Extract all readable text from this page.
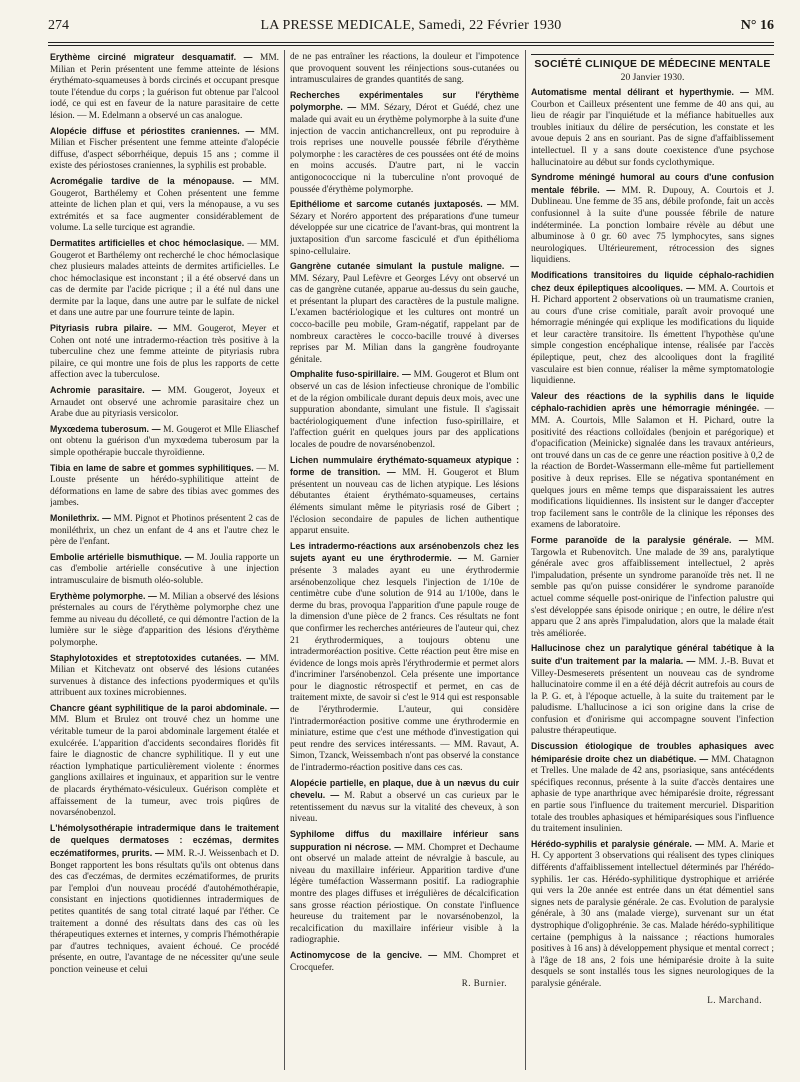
274	LA PRESSE MEDICALE, Samedi, 22 Février 1930	N° 16

Erythème circiné migrateur desquamatif. — MM. Milian et Perin présentent une femme atteinte de lésions érythémato-squameuses à bords circinés et occupant presque toute l'étendue du corps ; la guérison fut obtenue par l'alcool iodé, ce qui est en faveur de la nature parasitaire de cette lésion. — M. Edelmann a observé un cas analogue.

Alopécie diffuse et périostites craniennes. — MM. Milian et Fischer présentent une femme atteinte d'alopécie diffuse, d'aspect séborrhéique, depuis 15 ans ; comme il existe des périostoses craniennes, la syphilis est probable.

Acromégalie tardive de la ménopause. — MM. Gougerot, Barthélemy et Cohen présentent une femme atteinte de lichen plan et qui, vers la ménopause, a vu ses extrémités et sa face augmenter considérablement de volume. La selle turcique est agrandie.

Dermatites artificielles et choc hémoclasique. — MM. Gougerot et Barthélemy ont recherché le choc hémoclasique chez plusieurs malades atteints de dermites artificielles. Le choc hémoclasique est inconstant ; il a été observé dans un cas de dermite par l'acide picrique ; il a été nul dans une dermite par la laque, dans une autre par le sulfate de nickel et dans une autre par une fourrure teinte de lapin.

Pityriasis rubra pilaire. — MM. Gougerot, Meyer et Cohen ont noté une intradermo-réaction très positive à la tuberculine chez une femme atteinte de pityriasis rubra pilaire, ce qui montre une fois de plus les rapports de cette affection avec la tuberculose.

Achromie parasitaire. — MM. Gougerot, Joyeux et Arnaudet ont observé une achromie parasitaire chez un Arabe due au pityriasis versicolor.

Myxœdema tuberosum. — M. Gougerot et Mlle Eliaschef ont obtenu la guérison d'un myxœdema tuberosum par la simple opothérapie buccale thyroïdienne.

Tibia en lame de sabre et gommes syphilitiques. — M. Louste présente un hérédo-syphilitique atteint de déformations en lame de sabre des tibias avec gommes des jambes.

Monilethrix. — MM. Pignot et Photinos présentent 2 cas de moniléthrix, un chez un enfant de 4 ans et l'autre chez le père de l'enfant.

Embolie artérielle bismuthique. — M. Joulia rapporte un cas d'embolie artérielle consécutive à une injection intramusculaire de bismuth oléo-soluble.

Erythème polymorphe. — M. Milian a observé des lésions présternales au cours de l'érythème polymorphe chez une femme au niveau du décolleté, ce qui démontre l'action de la lumière sur le siège d'apparition des lésions d'érythème polymorphe.

Staphylotoxides et streptotoxides cutanées. — MM. Milian et Kitchevatz ont observé des lésions cutanées survenues à distance des infections pyodermiques et qu'ils attribuent aux toxines microbiennes.

Chancre géant syphilitique de la paroi abdominale. — MM. Blum et Brulez ont trouvé chez un homme une véritable tumeur de la paroi abdominale largement étalée et exulcérée. L'apparition d'accidents secondaires floridès fit faire le diagnostic de chancre syphilitique. Il y eut une réaction lymphatique particulièrement violente : énormes ganglions axillaires et inguinaux, et apparition sur le ventre de placards érythémato-vésiculeux. Guérison complète et affaissement de la tumeur, avec trois piqûres de novarsénobenzol.

L'hémolysothérapie intradermique dans le traitement de quelques dermatoses : eczémas, dermites eczématiformes, prurits. — MM. R.-J. Weissenbach et D. Bonget rapportent les bons résultats qu'ils ont obtenus dans des cas d'eczémas, de dermites eczématiformes, de prurits par l'emploi d'un nouveau procédé d'autohémothérapie, consistant en injections quotidiennes intradermiques de petites quantités de sang total citraté laqué par l'éther. Ce traitement a donné des résultats dans des cas où les thérapeutiques externes et internes, y compris l'hémothérapie par d'autres techniques, avaient échoué. Ce procédé présente, en outre, l'avantage de ne nécessiter qu'une seule ponction veineuse et celui

de ne pas entraîner les réactions, la douleur et l'impotence que provoquent souvent les réinjections sous-cutanées ou intramusculaires de grandes quantités de sang.

Recherches expérimentales sur l'érythème polymorphe. — MM. Sézary, Dérot et Guédé, chez une malade qui avait eu un érythème polymorphe à la suite d'une injection de vaccin antichancrelleux, ont pu reproduire à trois reprises une nouvelle poussée fébrile d'érythème polymorphe : les caractères de ces poussées ont été de moins en moins accusés. D'autre part, ni le vaccin antigonococcique ni la tuberculine n'ont provoqué de poussée d'érythème polymorphe.

Epithéliome et sarcome cutanés juxtaposés. — MM. Sézary et Noréro apportent des préparations d'une tumeur développée sur une cicatrice de l'avant-bras, qui montrent la juxtaposition d'un sarcome fasciculé et d'un épithélioma spino-cellulaire.

Gangrène cutanée simulant la pustule maligne. — MM. Sézary, Paul Lefèvre et Georges Lévy ont observé un cas de gangrène cutanée, apparue au-dessus du sein gauche, et présentant la plupart des caractères de la pustule maligne. L'examen bactériologique et les cultures ont montré un cocco-bacille peu mobile, Gram-négatif, rappelant par de nombreux caractères le cocco-bacille trouvé à diverses reprises par M. Milian dans la gangrène foudroyante génitale.

Omphalite fuso-spirillaire. — MM. Gougerot et Blum ont observé un cas de lésion infectieuse chronique de l'ombilic et de la région ombilicale durant depuis deux mois, avec une suppuration abondante, simulant une fistule. Il s'agissait bactériologiquement d'une infection fuso-spirillaire, et l'affection guérit en quelques jours par des applications locales de poudre de novarsénobenzol.

Lichen nummulaire érythémato-squameux atypique : forme de transition. — MM. H. Gougerot et Blum présentent un nouveau cas de lichen atypique. Les lésions débutantes étaient érythémato-squameuses, certains éléments simulant même le pityriasis rosé de Gibert ; l'éclosion secondaire de papules de lichen authentique apparut ensuite.

Les intradermo-réactions aux arsénobenzols chez les sujets ayant eu une érythrodermie. — M. Garnier présente 3 malades ayant eu une érythrodermie arsénobenzolique chez lesquels l'injection de 1/10e de centimètre cube d'une solution de 914 au 1/100e, dans le derme du bras, provoqua l'apparition d'une papule rouge de la dimension d'une pièce de 2 francs. Ces résultats ne font que confirmer les recherches antérieures de l'auteur qui, chez 21 érythrodermiques, a toujours obtenu une intradermoréaction positive. Cette réaction peut être mise en évidence de longs mois après l'érythrodermie et permet alors d'incriminer l'arsénobenzol. Cela présente une importance pour le diagnostic rétrospectif et permet, en cas de traitement mixte, de savoir si c'est le 914 qui est responsable de l'érythrodermie. L'auteur, qui considère l'intradermoréaction positive comme une érythrodermie en miniature, estime que c'est une méthode d'investigation qui peut rendre des services intéressants. — MM. Ravaut, A. Simon, Tzanck, Weissembach n'ont pas observé la constance de l'intradermo-réaction positive dans ces cas.

Alopécie partielle, en plaque, due à un nævus du cuir chevelu. — M. Rabut a observé un cas curieux par le retentissement du nævus sur la vitalité des cheveux, à son niveau.

Syphilome diffus du maxillaire inférieur sans suppuration ni nécrose. — MM. Chompret et Dechaume ont observé un malade atteint de névralgie à bascule, au niveau du maxillaire inférieur. Apparition tardive d'une légère tuméfaction Wassermann positif. La radiographie montre des plages diffuses et irrégulières de décalcification sans grosse réaction périostique. On constate l'influence heureuse du traitement par le novarsénobenzol, la recalcification du maxillaire inférieur visible à la radiographie.

Actinomycose de la gencive. — MM. Chompret et Crocquefer.

R. Burnier.
SOCIÉTÉ CLINIQUE DE MÉDECINE MENTALE
20 Janvier 1930.

Automatisme mental délirant et hyperthymie. — MM. Courbon et Cailleux présentent une femme de 40 ans qui, au lieu de réagir par l'inquiétude et la méfiance habituelles aux troubles initiaux du délire de persécution, les constate et les avoue depuis 2 ans en souriant. Pas de signe d'affaiblissement intellectuel. Il y a sans doute coexistence d'une psychose hallucinatoire au début sur fonds cyclothymique.

Syndrome méningé humoral au cours d'une confusion mentale fébrile. — MM. R. Dupouy, A. Courtois et J. Dublineau. Une femme de 35 ans, débile profonde, fait un accès confusionnel à la suite d'une poussée fébrile de nature indéterminée. La ponction lombaire révèle au début une albuminose à 0 gr. 60 avec 75 lymphocytes, sans signes neurologiques. Ultérieurement, rétrocession des signes liquidiens.

Modifications transitoires du liquide céphalo-rachidien chez deux épileptiques alcooliques. — MM. A. Courtois et H. Pichard apportent 2 observations où un traumatisme cranien, au cours d'une crise comitiale, paraît avoir provoqué une hémorragie méningée qui explique les modifications du liquide et leur caractère transitoire. Ils émettent l'hypothèse qu'une simple congestion encéphalique intense, réalisée par l'accès épileptique, peut, chez des alcooliques dont la fragilité vasculaire est bien connue, réaliser la même symptomatologie liquidienne.

Valeur des réactions de la syphilis dans le liquide céphalo-rachidien après une hémorragie méningée. — MM. A. Courtois, Mlle Salamon et H. Pichard, outre la positivité des réactions colloïdales (benjoin et parégorique) et d'opacification (Meinicke) signalée dans les travaux antérieurs, ont trouvé dans un cas de ce genre une réaction positive à 0,2 de la réaction de Bordet-Wassermann elle-même fut partiellement positive à deux reprises. Elle se négativa spontanément en quelques jours en même temps que disparaissaient les autres modifications liquidiennes. Ils insistent sur le danger d'accepter trop facilement sans le contrôle de la clinique les réponses des examens de laboratoire.

Forme paranoïde de la paralysie générale. — MM. Targowla et Rubenovitch. Une malade de 39 ans, paralytique générale avec gros affaiblissement intellectuel, 2 après l'impaludation, présente un syndrome paranoïde très net. Il ne semble pas qu'on puisse considérer le syndrome paranoïde actuel comme séquelle post-onirique de l'infection palustre qui s'est développée sans épisode onirique ; en outre, le délire n'est apparu que 2 ans après l'impaludation, alors que la malade était très améliorée.

Hallucinose chez un paralytique général tabétique à la suite d'un traitement par la malaria. — MM. J.-B. Buvat et Villey-Desmeserets présentent un nouveau cas de syndrome hallucinatoire comme il en a été déjà décrit autrefois au cours de la P. G. et, à l'époque actuelle, à la suite du traitement par le paludisme. L'hallucinose a ici son origine dans la crise de confusion et d'onirisme qui accompagne souvent l'infection palustre thérapeutique.

Discussion étiologique de troubles aphasiques avec hémiparésie droite chez un diabétique. — MM. Chatagnon et Trelles. Une malade de 42 ans, psoriasique, sans antécédents spécifiques reconnus, présente à la suite d'accès dentaires une aphasie de type anarthrique avec hémiparésie droite, régressant en partie sous l'influence du traitement mercuriel. Disparition totale des troubles aphasiques et hémiparésiques sous l'influence du traitement insulinien.

Hérédo-syphilis et paralysie générale. — MM. A. Marie et H. Cy apportent 3 observations qui réalisent des types cliniques différents d'affaiblissement intellectuel déterminés par l'hérédo-syphilis. 1er cas. Hérédo-syphilitique dystrophique et arriérée qui vers la 20e année est entrée dans un état démentiel sans signes nets de paralysie générale. 2e cas. Evolution de paralysie générale, à 30 ans (malade vierge), survenant sur un état dystrophique d'oligophrénie. 3e cas. Malade hérédo-syphilitique certaine (pemphigus à la naissance ; réactions humorales positives à 16 ans) à développement physique et mental correct ; à l'âge de 18 ans, 2 fois une hémiparésie droite à la suite desquels se sont installés tous les signes neurologiques de la paralysie générale.

L. Marchand.
